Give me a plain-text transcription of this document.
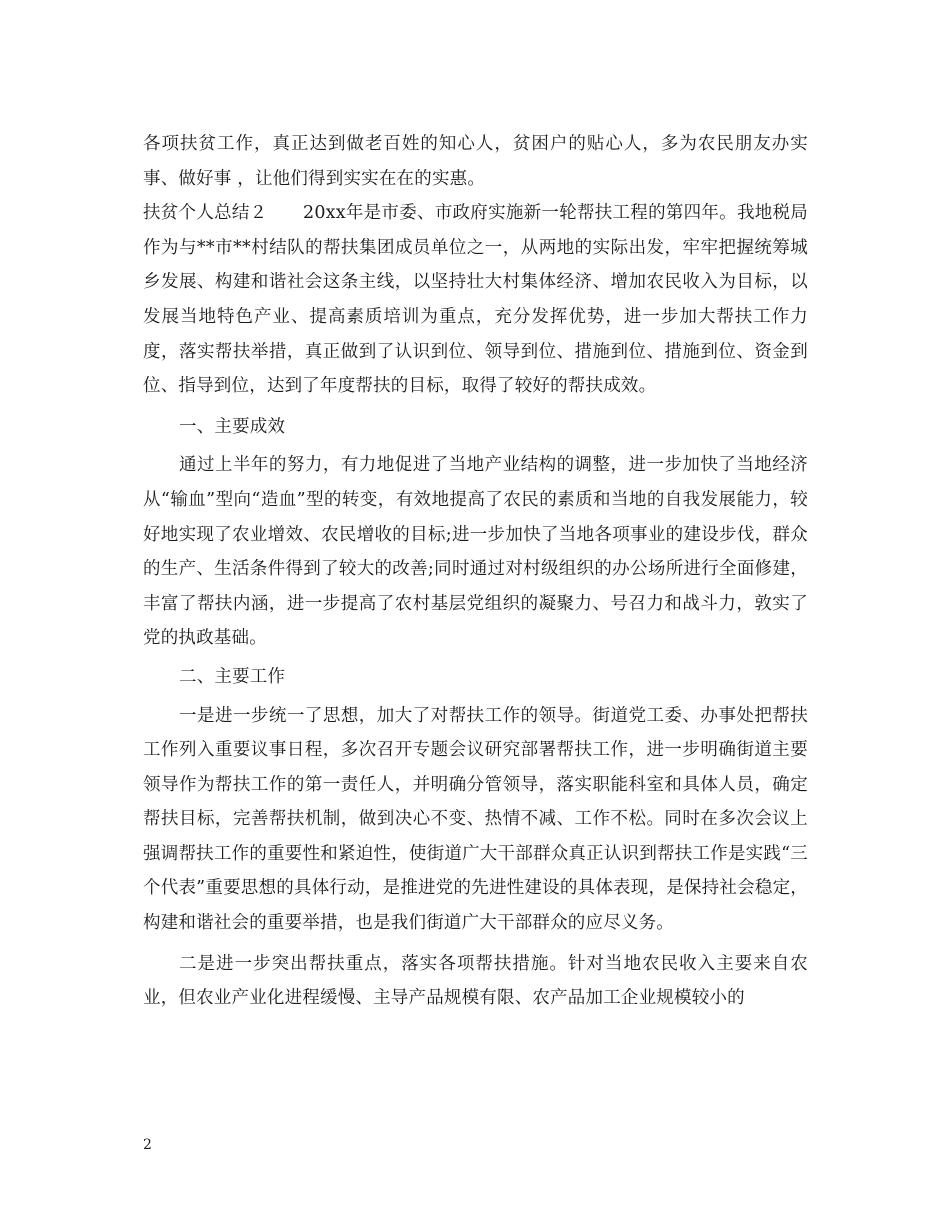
各项扶贫工作，真正达到做老百姓的知心人，贫困户的贴心人，多为农民朋友办实事、做好事 ，让他们得到实实在在的实惠。

扶贫个人总结２　　20xx年是市委、市政府实施新一轮帮扶工程的第四年。我地税局作为与**市**村结队的帮扶集团成员单位之一，从两地的实际出发，牢牢把握统筹城乡发展、构建和谐社会这条主线，以坚持壮大村集体经济、增加农民收入为目标，以发展当地特色产业、提高素质培训为重点，充分发挥优势，进一步加大帮扶工作力度，落实帮扶举措，真正做到了认识到位、领导到位、措施到位、措施到位、资金到位、指导到位，达到了年度帮扶的目标，取得了较好的帮扶成效。

一、主要成效

通过上半年的努力，有力地促进了当地产业结构的调整，进一步加快了当地经济从“输血”型向“造血”型的转变，有效地提高了农民的素质和当地的自我发展能力，较好地实现了农业增效、农民增收的目标;进一步加快了当地各项事业的建设步伐，群众的生产、生活条件得到了较大的改善;同时通过对村级组织的办公场所进行全面修建，丰富了帮扶内涵，进一步提高了农村基层党组织的凝聚力、号召力和战斗力，敦实了党的执政基础。

二、主要工作

一是进一步统一了思想，加大了对帮扶工作的领导。街道党工委、办事处把帮扶工作列入重要议事日程，多次召开专题会议研究部署帮扶工作，进一步明确街道主要领导作为帮扶工作的第一责任人，并明确分管领导，落实职能科室和具体人员，确定帮扶目标，完善帮扶机制，做到决心不变、热情不减、工作不松。同时在多次会议上强调帮扶工作的重要性和紧迫性，使街道广大干部群众真正认识到帮扶工作是实践“三个代表”重要思想的具体行动，是推进党的先进性建设的具体表现，是保持社会稳定，构建和谐社会的重要举措，也是我们街道广大干部群众的应尽义务。

二是进一步突出帮扶重点，落实各项帮扶措施。针对当地农民收入主要来自农业，但农业产业化进程缓慢、主导产品规模有限、农产品加工企业规模较小的

2
